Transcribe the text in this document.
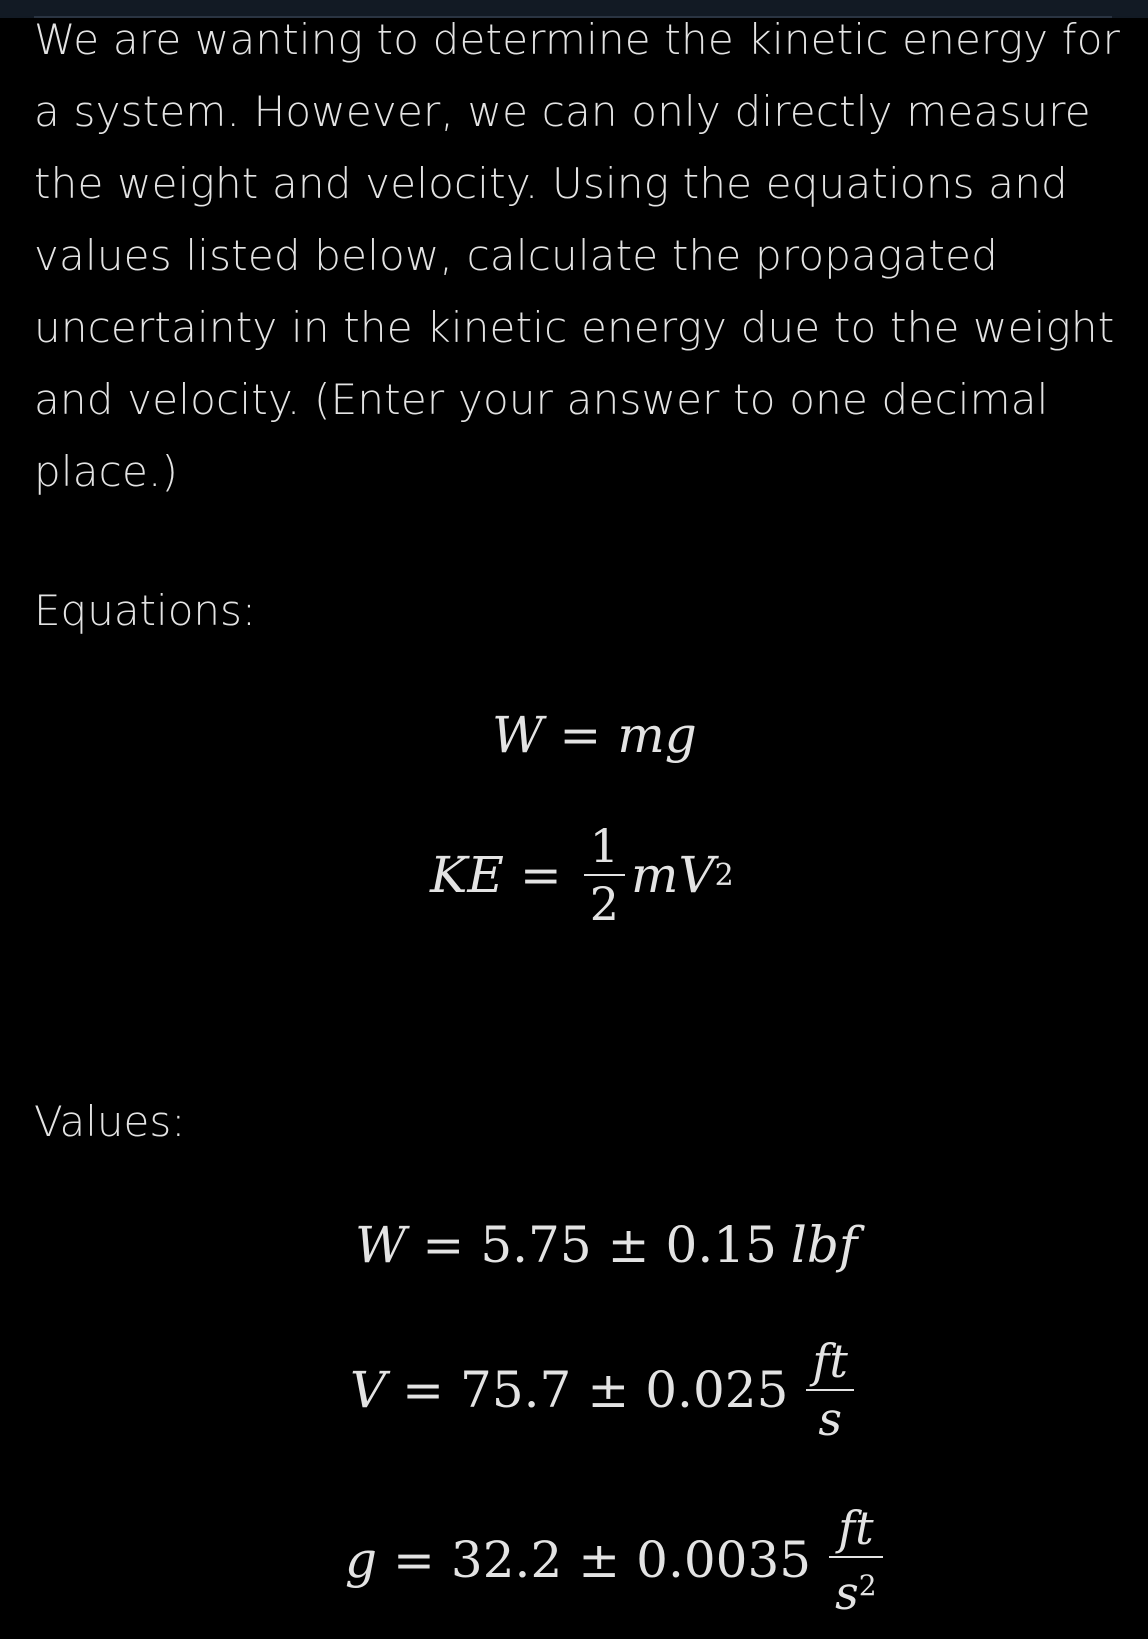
We are wanting to determine the kinetic energy for a system. However, we can only directly measure the weight and velocity. Using the equations and values listed below, calculate the propagated uncertainty in the kinetic energy due to the weight and velocity. (Enter your answer to one decimal place.)

Equations:

W = mg
KE = $\frac{1}{2}$ mV 2

Values:

W = 5.75 ± 0.15 lbf
$V = 75.7 \pm 0.025 \frac{ft}{s}$
$g = 32.2 \pm 0.0035 \frac{ft}{s^2}$
